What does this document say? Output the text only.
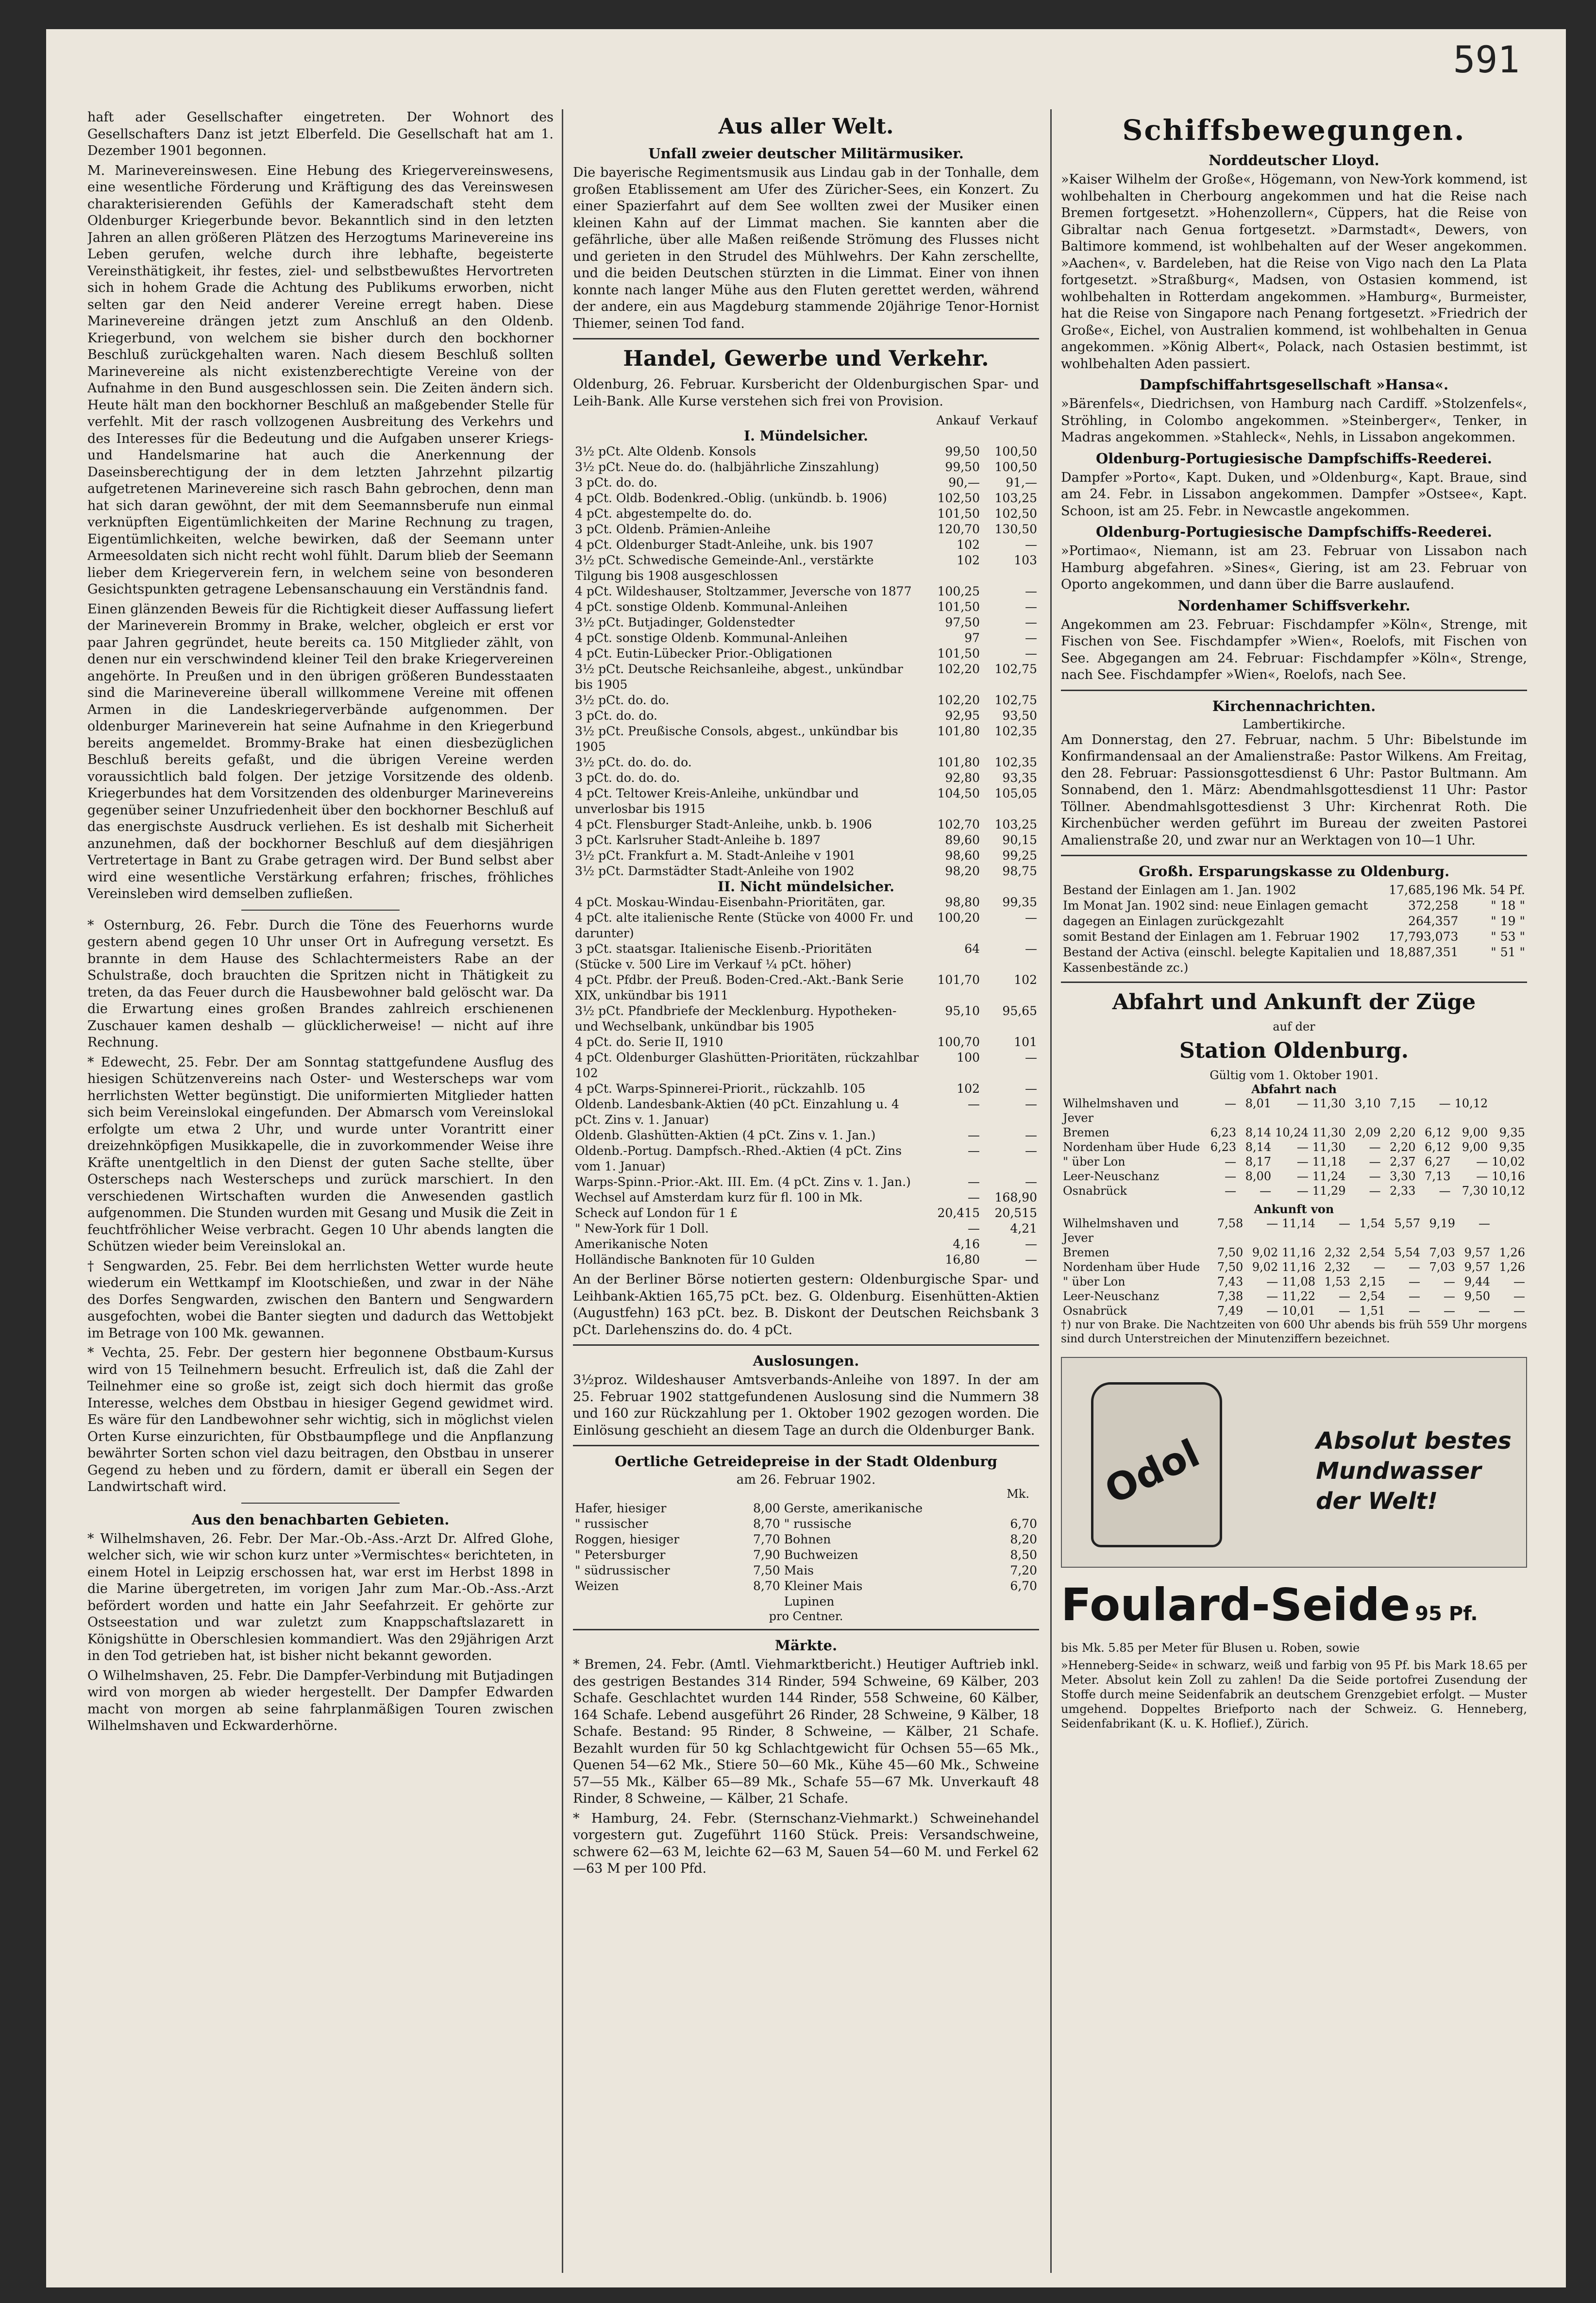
591

haft ader Gesellschafter eingetreten. Der Wohnort des Gesellschafters Danz ist jetzt Elberfeld. Die Gesellschaft hat am 1. Dezember 1901 begonnen.

M. Marinevereinswesen. Eine Hebung des Kriegervereinswesens, eine wesentliche Förderung und Kräftigung des das Vereinswesen charakterisierenden Gefühls der Kameradschaft steht dem Oldenburger Kriegerbunde bevor. Bekanntlich sind in den letzten Jahren an allen größeren Plätzen des Herzogtums Marinevereine ins Leben gerufen, welche durch ihre lebhafte, begeisterte Vereinsthätigkeit, ihr festes, ziel- und selbstbewußtes Hervortreten sich in hohem Grade die Achtung des Publikums erworben, nicht selten gar den Neid anderer Vereine erregt haben. Diese Marinevereine drängen jetzt zum Anschluß an den Oldenb. Kriegerbund, von welchem sie bisher durch den bockhorner Beschluß zurückgehalten waren. Nach diesem Beschluß sollten Marinevereine als nicht existenzberechtigte Vereine von der Aufnahme in den Bund ausgeschlossen sein. Die Zeiten ändern sich. Heute hält man den bockhorner Beschluß an maßgebender Stelle für verfehlt. Mit der rasch vollzogenen Ausbreitung des Verkehrs und des Interesses für die Bedeutung und die Aufgaben unserer Kriegs- und Handelsmarine hat auch die Anerkennung der Daseinsberechtigung der in dem letzten Jahrzehnt pilzartig aufgetretenen Marinevereine sich rasch Bahn gebrochen, denn man hat sich daran gewöhnt, der mit dem Seemannsberufe nun einmal verknüpften Eigentümlichkeiten der Marine Rechnung zu tragen, Eigentümlichkeiten, welche bewirken, daß der Seemann unter Armeesoldaten sich nicht recht wohl fühlt. Darum blieb der Seemann lieber dem Kriegerverein fern, in welchem seine von besonderen Gesichtspunkten getragene Lebensanschauung ein Verständnis fand.

Einen glänzenden Beweis für die Richtigkeit dieser Auffassung liefert der Marineverein Brommy in Brake, welcher, obgleich er erst vor paar Jahren gegründet, heute bereits ca. 150 Mitglieder zählt, von denen nur ein verschwindend kleiner Teil den brake Kriegervereinen angehörte. In Preußen und in den übrigen größeren Bundesstaaten sind die Marinevereine überall willkommene Vereine mit offenen Armen in die Landeskriegerverbände aufgenommen. Der oldenburger Marineverein hat seine Aufnahme in den Kriegerbund bereits angemeldet. Brommy-Brake hat einen diesbezüglichen Beschluß bereits gefaßt, und die übrigen Vereine werden voraussichtlich bald folgen. Der jetzige Vorsitzende des oldenb. Kriegerbundes hat dem Vorsitzenden des oldenburger Marinevereins gegenüber seiner Unzufriedenheit über den bockhorner Beschluß auf das energischste Ausdruck verliehen. Es ist deshalb mit Sicherheit anzunehmen, daß der bockhorner Beschluß auf dem diesjährigen Vertretertage in Bant zu Grabe getragen wird. Der Bund selbst aber wird eine wesentliche Verstärkung erfahren; frisches, fröhliches Vereinsleben wird demselben zufließen.

* Osternburg, 26. Febr. Durch die Töne des Feuerhorns wurde gestern abend gegen 10 Uhr unser Ort in Aufregung versetzt. Es brannte in dem Hause des Schlachtermeisters Rabe an der Schulstraße, doch brauchten die Spritzen nicht in Thätigkeit zu treten, da das Feuer durch die Hausbewohner bald gelöscht war. Da die Erwartung eines großen Brandes zahlreich erschienenen Zuschauer kamen deshalb — glücklicherweise! — nicht auf ihre Rechnung.

* Edewecht, 25. Febr. Der am Sonntag stattgefundene Ausflug des hiesigen Schützenvereins nach Oster- und Westerscheps war vom herrlichsten Wetter begünstigt. Die uniformierten Mitglieder hatten sich beim Vereinslokal eingefunden. Der Abmarsch vom Vereinslokal erfolgte um etwa 2 Uhr, und wurde unter Vorantritt einer dreizehnköpfigen Musikkapelle, die in zuvorkommender Weise ihre Kräfte unentgeltlich in den Dienst der guten Sache stellte, über Osterscheps nach Westerscheps und zurück marschiert. In den verschiedenen Wirtschaften wurden die Anwesenden gastlich aufgenommen. Die Stunden wurden mit Gesang und Musik die Zeit in feuchtfröhlicher Weise verbracht. Gegen 10 Uhr abends langten die Schützen wieder beim Vereinslokal an.

† Sengwarden, 25. Febr. Bei dem herrlichsten Wetter wurde heute wiederum ein Wettkampf im Klootschießen, und zwar in der Nähe des Dorfes Sengwarden, zwischen den Bantern und Sengwardern ausgefochten, wobei die Banter siegten und dadurch das Wettobjekt im Betrage von 100 Mk. gewannen.

* Vechta, 25. Febr. Der gestern hier begonnene Obstbaum-Kursus wird von 15 Teilnehmern besucht. Erfreulich ist, daß die Zahl der Teilnehmer eine so große ist, zeigt sich doch hiermit das große Interesse, welches dem Obstbau in hiesiger Gegend gewidmet wird. Es wäre für den Landbewohner sehr wichtig, sich in möglichst vielen Orten Kurse einzurichten, für Obstbaumpflege und die Anpflanzung bewährter Sorten schon viel dazu beitragen, den Obstbau in unserer Gegend zu heben und zu fördern, damit er überall ein Segen der Landwirtschaft wird.

Aus den benachbarten Gebieten.

* Wilhelmshaven, 26. Febr. Der Mar.-Ob.-Ass.-Arzt Dr. Alfred Glohe, welcher sich, wie wir schon kurz unter »Vermischtes« berichteten, in einem Hotel in Leipzig erschossen hat, war erst im Herbst 1898 in die Marine übergetreten, im vorigen Jahr zum Mar.-Ob.-Ass.-Arzt befördert worden und hatte ein Jahr Seefahrzeit. Er gehörte zur Ostseestation und war zuletzt zum Knappschaftslazarett in Königshütte in Oberschlesien kommandiert. Was den 29jährigen Arzt in den Tod getrieben hat, ist bisher nicht bekannt geworden.

O Wilhelmshaven, 25. Febr. Die Dampfer-Verbindung mit Butjadingen wird von morgen ab wieder hergestellt. Der Dampfer Edwarden macht von morgen ab seine fahrplanmäßigen Touren zwischen Wilhelmshaven und Eckwarderhörne.

Aus aller Welt.
Unfall zweier deutscher Militärmusiker.

Die bayerische Regimentsmusik aus Lindau gab in der Tonhalle, dem großen Etablissement am Ufer des Züricher-Sees, ein Konzert. Zu einer Spazierfahrt auf dem See wollten zwei der Musiker einen kleinen Kahn auf der Limmat machen. Sie kannten aber die gefährliche, über alle Maßen reißende Strömung des Flusses nicht und gerieten in den Strudel des Mühlwehrs. Der Kahn zerschellte, und die beiden Deutschen stürzten in die Limmat. Einer von ihnen konnte nach langer Mühe aus den Fluten gerettet werden, während der andere, ein aus Magdeburg stammende 20jährige Tenor-Hornist Thiemer, seinen Tod fand.

Handel, Gewerbe und Verkehr.

Oldenburg, 26. Februar. Kursbericht der Oldenburgischen Spar- und Leih-Bank. Alle Kurse verstehen sich frei von Provision.

	Ankauf	Verkauf
I. Mündelsicher.		
3½ pCt. Alte Oldenb. Konsols	99,50	100,50
3½ pCt. Neue do. do. (halbjährliche Zinszahlung)	99,50	100,50
3 pCt. do. do.	90,—	91,—
4 pCt. Oldb. Bodenkred.-Oblig. (unkündb. b. 1906)	102,50	103,25
4 pCt. abgestempelte do. do.	101,50	102,50
3 pCt. Oldenb. Prämien-Anleihe	120,70	130,50
4 pCt. Oldenburger Stadt-Anleihe, unk. bis 1907	102	—
3½ pCt. Schwedische Gemeinde-Anl., verstärkte Tilgung bis 1908 ausgeschlossen	102	103
4 pCt. Wildeshauser, Stoltzammer, Jeversche von 1877	100,25	—
4 pCt. sonstige Oldenb. Kommunal-Anleihen	101,50	—
3½ pCt. Butjadinger, Goldenstedter	97,50	—
4 pCt. sonstige Oldenb. Kommunal-Anleihen	97	—
4 pCt. Eutin-Lübecker Prior.-Obligationen	101,50	—
3½ pCt. Deutsche Reichsanleihe, abgest., unkündbar bis 1905	102,20	102,75
3½ pCt. do. do.	102,20	102,75
3 pCt. do. do.	92,95	93,50
3½ pCt. Preußische Consols, abgest., unkündbar bis 1905	101,80	102,35
3½ pCt. do. do. do.	101,80	102,35
3 pCt. do. do. do.	92,80	93,35
4 pCt. Teltower Kreis-Anleihe, unkündbar und unverlosbar bis 1915	104,50	105,05
4 pCt. Flensburger Stadt-Anleihe, unkb. b. 1906	102,70	103,25
3 pCt. Karlsruher Stadt-Anleihe b. 1897	89,60	90,15
3½ pCt. Frankfurt a. M. Stadt-Anleihe v 1901	98,60	99,25
3½ pCt. Darmstädter Stadt-Anleihe von 1902	98,20	98,75
II. Nicht mündelsicher.		
4 pCt. Moskau-Windau-Eisenbahn-Prioritäten, gar.	98,80	99,35
4 pCt. alte italienische Rente (Stücke von 4000 Fr. und darunter)	100,20	—
3 pCt. staatsgar. Italienische Eisenb.-Prioritäten (Stücke v. 500 Lire im Verkauf ¼ pCt. höher)	64	—
4 pCt. Pfdbr. der Preuß. Boden-Cred.-Akt.-Bank Serie XIX, unkündbar bis 1911	101,70	102
3½ pCt. Pfandbriefe der Mecklenburg. Hypotheken- und Wechselbank, unkündbar bis 1905	95,10	95,65
4 pCt. do. Serie II, 1910	100,70	101
4 pCt. Oldenburger Glashütten-Prioritäten, rückzahlbar 102	100	—
4 pCt. Warps-Spinnerei-Priorit., rückzahlb. 105	102	—
Oldenb. Landesbank-Aktien (40 pCt. Einzahlung u. 4 pCt. Zins v. 1. Januar)	—	—
Oldenb. Glashütten-Aktien (4 pCt. Zins v. 1. Jan.)	—	—
Oldenb.-Portug. Dampfsch.-Rhed.-Aktien (4 pCt. Zins vom 1. Januar)	—	—
Warps-Spinn.-Prior.-Akt. III. Em. (4 pCt. Zins v. 1. Jan.)	—	—
Wechsel auf Amsterdam kurz für fl. 100 in Mk.	—	168,90
Scheck auf London für 1 £	20,415	20,515
" New-York für 1 Doll.	—	4,21
Amerikanische Noten	4,16	—
Holländische Banknoten für 10 Gulden	16,80	—

An der Berliner Börse notierten gestern: Oldenburgische Spar- und Leihbank-Aktien 165,75 pCt. bez. G. Oldenburg. Eisenhütten-Aktien (Augustfehn) 163 pCt. bez. B. Diskont der Deutschen Reichsbank 3 pCt. Darlehenszins do. do. 4 pCt.

Auslosungen.

3½proz. Wildeshauser Amtsverbands-Anleihe von 1897. In der am 25. Februar 1902 stattgefundenen Auslosung sind die Nummern 38 und 160 zur Rückzahlung per 1. Oktober 1902 gezogen worden. Die Einlösung geschieht an diesem Tage an durch die Oldenburger Bank.

Oertliche Getreidepreise in der Stadt Oldenburg
am 26. Februar 1902.
Mk.
Hafer, hiesiger	8,00	Gerste, amerikanische	
" russischer	8,70	" russische	6,70
Roggen, hiesiger	7,70	Bohnen	8,20
" Petersburger	7,90	Buchweizen	8,50
" südrussischer	7,50	Mais	7,20
Weizen	8,70	Kleiner Mais	6,70
		Lupinen	
pro Centner.
Märkte.

* Bremen, 24. Febr. (Amtl. Viehmarktbericht.) Heutiger Auftrieb inkl. des gestrigen Bestandes 314 Rinder, 594 Schweine, 69 Kälber, 203 Schafe. Geschlachtet wurden 144 Rinder, 558 Schweine, 60 Kälber, 164 Schafe. Lebend ausgeführt 26 Rinder, 28 Schweine, 9 Kälber, 18 Schafe. Bestand: 95 Rinder, 8 Schweine, — Kälber, 21 Schafe. Bezahlt wurden für 50 kg Schlachtgewicht für Ochsen 55—65 Mk., Quenen 54—62 Mk., Stiere 50—60 Mk., Kühe 45—60 Mk., Schweine 57—55 Mk., Kälber 65—89 Mk., Schafe 55—67 Mk. Unverkauft 48 Rinder, 8 Schweine, — Kälber, 21 Schafe.

* Hamburg, 24. Febr. (Sternschanz-Viehmarkt.) Schweinehandel vorgestern gut. Zugeführt 1160 Stück. Preis: Versandschweine, schwere 62—63 M, leichte 62—63 M, Sauen 54—60 M. und Ferkel 62—63 M per 100 Pfd.

Schiffsbewegungen.
Norddeutscher Lloyd.

»Kaiser Wilhelm der Große«, Högemann, von New-York kommend, ist wohlbehalten in Cherbourg angekommen und hat die Reise nach Bremen fortgesetzt. »Hohenzollern«, Cüppers, hat die Reise von Gibraltar nach Genua fortgesetzt. »Darmstadt«, Dewers, von Baltimore kommend, ist wohlbehalten auf der Weser angekommen. »Aachen«, v. Bardeleben, hat die Reise von Vigo nach den La Plata fortgesetzt. »Straßburg«, Madsen, von Ostasien kommend, ist wohlbehalten in Rotterdam angekommen. »Hamburg«, Burmeister, hat die Reise von Singapore nach Penang fortgesetzt. »Friedrich der Große«, Eichel, von Australien kommend, ist wohlbehalten in Genua angekommen. »König Albert«, Polack, nach Ostasien bestimmt, ist wohlbehalten Aden passiert.

Dampfschiffahrtsgesellschaft »Hansa«.

»Bärenfels«, Diedrichsen, von Hamburg nach Cardiff. »Stolzenfels«, Ströhling, in Colombo angekommen. »Steinberger«, Tenker, in Madras angekommen. »Stahleck«, Nehls, in Lissabon angekommen.

Oldenburg-Portugiesische Dampfschiffs-Reederei.

Dampfer »Porto«, Kapt. Duken, und »Oldenburg«, Kapt. Braue, sind am 24. Febr. in Lissabon angekommen. Dampfer »Ostsee«, Kapt. Schoon, ist am 25. Febr. in Newcastle angekommen.

Oldenburg-Portugiesische Dampfschiffs-Reederei.

»Portimao«, Niemann, ist am 23. Februar von Lissabon nach Hamburg abgefahren. »Sines«, Giering, ist am 23. Februar von Oporto angekommen, und dann über die Barre auslaufend.

Nordenhamer Schiffsverkehr.

Angekommen am 23. Februar: Fischdampfer »Köln«, Strenge, mit Fischen von See. Fischdampfer »Wien«, Roelofs, mit Fischen von See. Abgegangen am 24. Februar: Fischdampfer »Köln«, Strenge, nach See. Fischdampfer »Wien«, Roelofs, nach See.

Kirchennachrichten.
Lambertikirche.

Am Donnerstag, den 27. Februar, nachm. 5 Uhr: Bibelstunde im Konfirmandensaal an der Amalienstraße: Pastor Wilkens. Am Freitag, den 28. Februar: Passionsgottesdienst 6 Uhr: Pastor Bultmann. Am Sonnabend, den 1. März: Abendmahlsgottesdienst 11 Uhr: Pastor Töllner. Abendmahlsgottesdienst 3 Uhr: Kirchenrat Roth. Die Kirchenbücher werden geführt im Bureau der zweiten Pastorei Amalienstraße 20, und zwar nur an Werktagen von 10—1 Uhr.

Großh. Ersparungskasse zu Oldenburg.
Bestand der Einlagen am 1. Jan. 1902	17,685,196	Mk. 54 Pf.
Im Monat Jan. 1902 sind: neue Einlagen gemacht	372,258	" 18 "
dagegen an Einlagen zurückgezahlt	264,357	" 19 "
somit Bestand der Einlagen am 1. Februar 1902	17,793,073	" 53 "
Bestand der Activa (einschl. belegte Kapitalien und Kassenbestände zc.)	18,887,351	" 51 "
Abfahrt und Ankunft der Züge
auf der
Station Oldenburg.
Gültig vom 1. Oktober 1901.
Abfahrt nach
Wilhelmshaven und Jever	—	8,01	—	11,30	3,10	7,15	—	10,12	
Bremen	6,23	8,14	10,24	11,30	2,09	2,20	6,12	9,00	9,35
Nordenham über Hude	6,23	8,14	—	11,30	—	2,20	6,12	9,00	9,35
" über Lon	—	8,17	—	11,18	—	2,37	6,27	—	10,02
Leer-Neuschanz	—	8,00	—	11,24	—	3,30	7,13	—	10,16
Osnabrück	—	—	—	11,29	—	2,33	—	7,30	10,12
Ankunft von
Wilhelmshaven und Jever	7,58	—	11,14	—	1,54	5,57	9,19	—	
Bremen	7,50	9,02	11,16	2,32	2,54	5,54	7,03	9,57	1,26
Nordenham über Hude	7,50	9,02	11,16	2,32	—	—	7,03	9,57	1,26
" über Lon	7,43	—	11,08	1,53	2,15	—	—	9,44	—
Leer-Neuschanz	7,38	—	11,22	—	2,54	—	—	9,50	—
Osnabrück	7,49	—	10,01	—	1,51	—	—	—	—

†) nur von Brake. Die Nachtzeiten von 600 Uhr abends bis früh 559 Uhr morgens sind durch Unterstreichen der Minutenziffern bezeichnet.

Odol	Absolut bestes
Mundwasser
der Welt!
Foulard-Seide 95 Pf.

bis Mk. 5.85 per Meter für Blusen u. Roben, sowie

»Henneberg-Seide« in schwarz, weiß und farbig von 95 Pf. bis Mark 18.65 per Meter. Absolut kein Zoll zu zahlen! Da die Seide portofrei Zusendung der Stoffe durch meine Seidenfabrik an deutschem Grenzgebiet erfolgt. — Muster umgehend. Doppeltes Briefporto nach der Schweiz. G. Henneberg, Seidenfabrikant (K. u. K. Hoflief.), Zürich.
